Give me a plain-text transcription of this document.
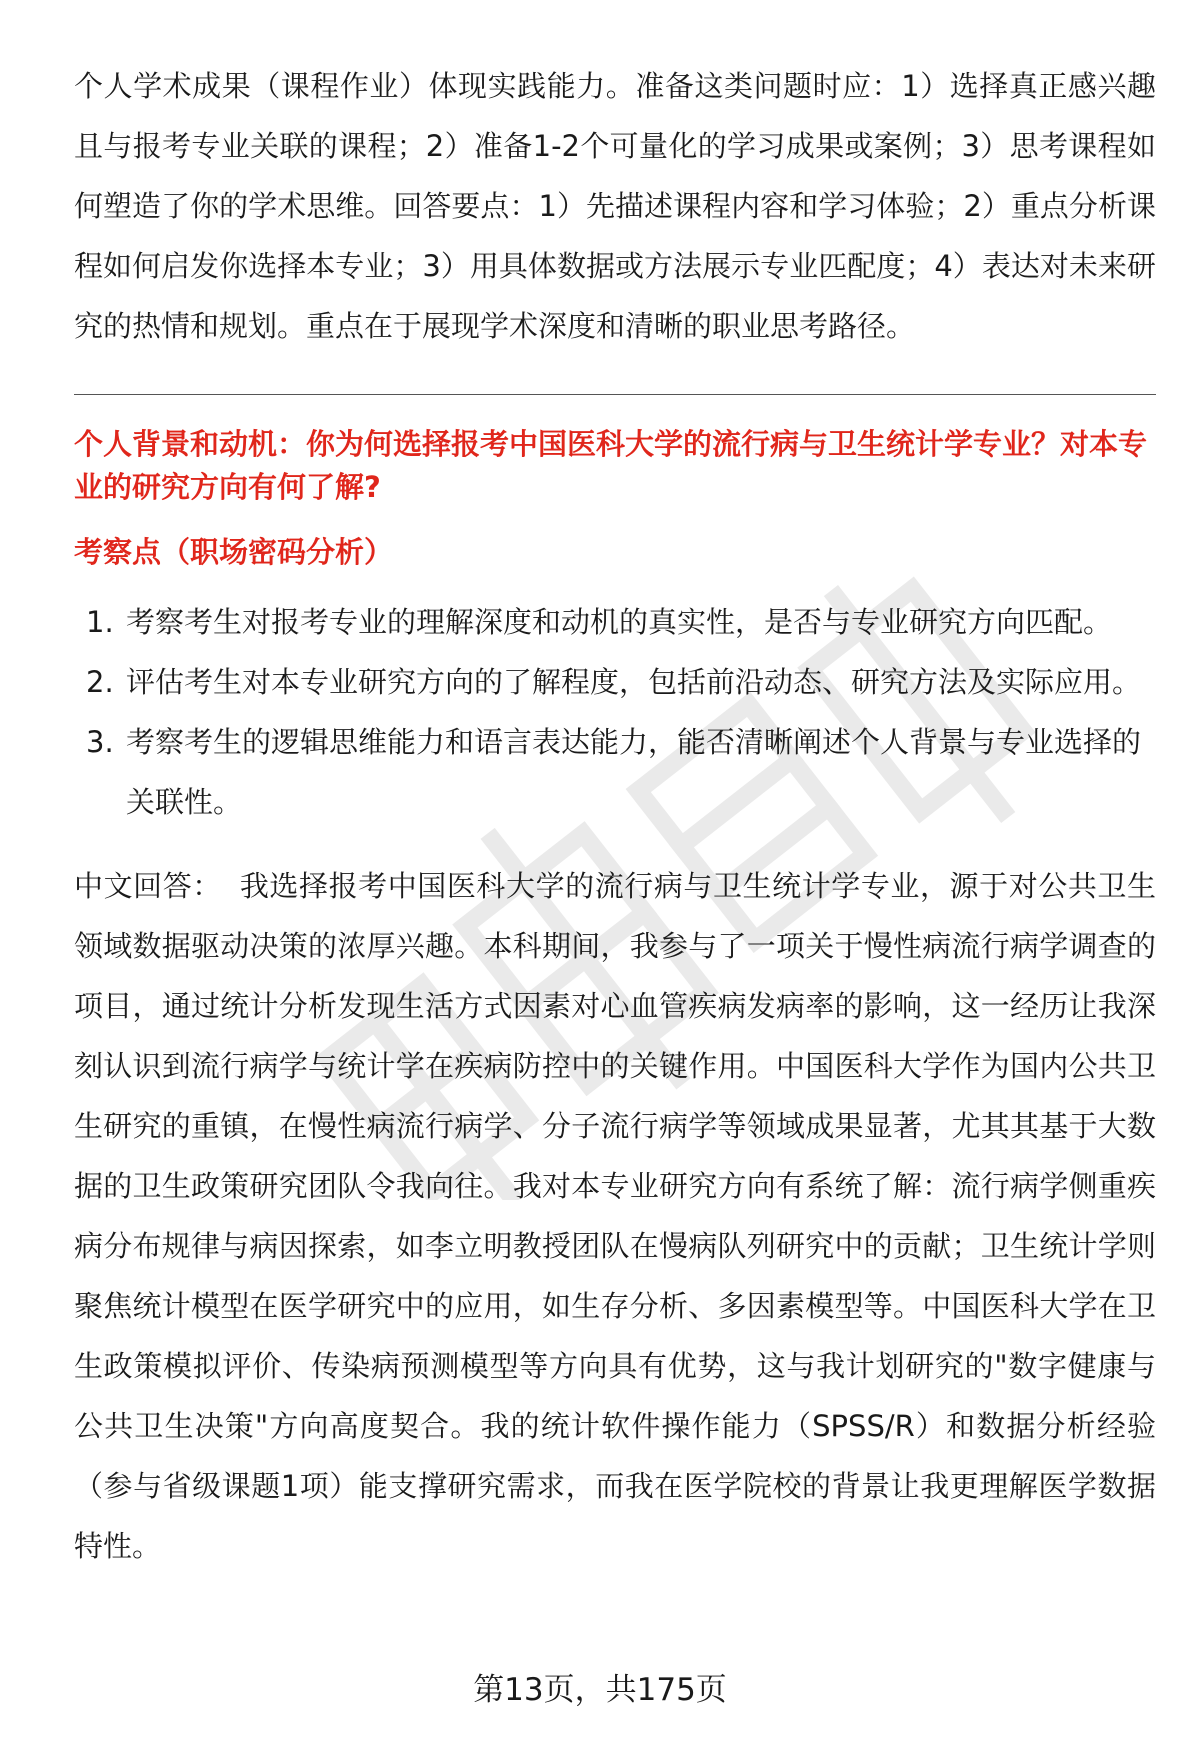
个人学术成果（课程作业）体现实践能力。准备这类问题时应：1）选择真正感兴趣且与报考专业关联的课程；2）准备1-2个可量化的学习成果或案例；3）思考课程如何塑造了你的学术思维。回答要点：1）先描述课程内容和学习体验；2）重点分析课程如何启发你选择本专业；3）用具体数据或方法展示专业匹配度；4）表达对未来研究的热情和规划。重点在于展现学术深度和清晰的职业思考路径。

个人背景和动机：你为何选择报考中国医科大学的流行病与卫生统计学专业？对本专业的研究方向有何了解?
考察点（职场密码分析）
1. 考察考生对报考专业的理解深度和动机的真实性，是否与专业研究方向匹配。
2. 评估考生对本专业研究方向的了解程度，包括前沿动态、研究方法及实际应用。
3. 考察考生的逻辑思维能力和语言表达能力，能否清晰阐述个人背景与专业选择的关联性。

中文回答： 我选择报考中国医科大学的流行病与卫生统计学专业，源于对公共卫生领域数据驱动决策的浓厚兴趣。本科期间，我参与了一项关于慢性病流行病学调查的项目，通过统计分析发现生活方式因素对心血管疾病发病率的影响，这一经历让我深刻认识到流行病学与统计学在疾病防控中的关键作用。中国医科大学作为国内公共卫生研究的重镇，在慢性病流行病学、分子流行病学等领域成果显著，尤其其基于大数据的卫生政策研究团队令我向往。我对本专业研究方向有系统了解：流行病学侧重疾病分布规律与病因探索，如李立明教授团队在慢病队列研究中的贡献；卫生统计学则聚焦统计模型在医学研究中的应用，如生存分析、多因素模型等。中国医科大学在卫生政策模拟评价、传染病预测模型等方向具有优势，这与我计划研究的"数字健康与公共卫生决策"方向高度契合。我的统计软件操作能力（SPSS/R）和数据分析经验（参与省级课题1项）能支撑研究需求，而我在医学院校的背景让我更理解医学数据特性。

第13页，共175页
